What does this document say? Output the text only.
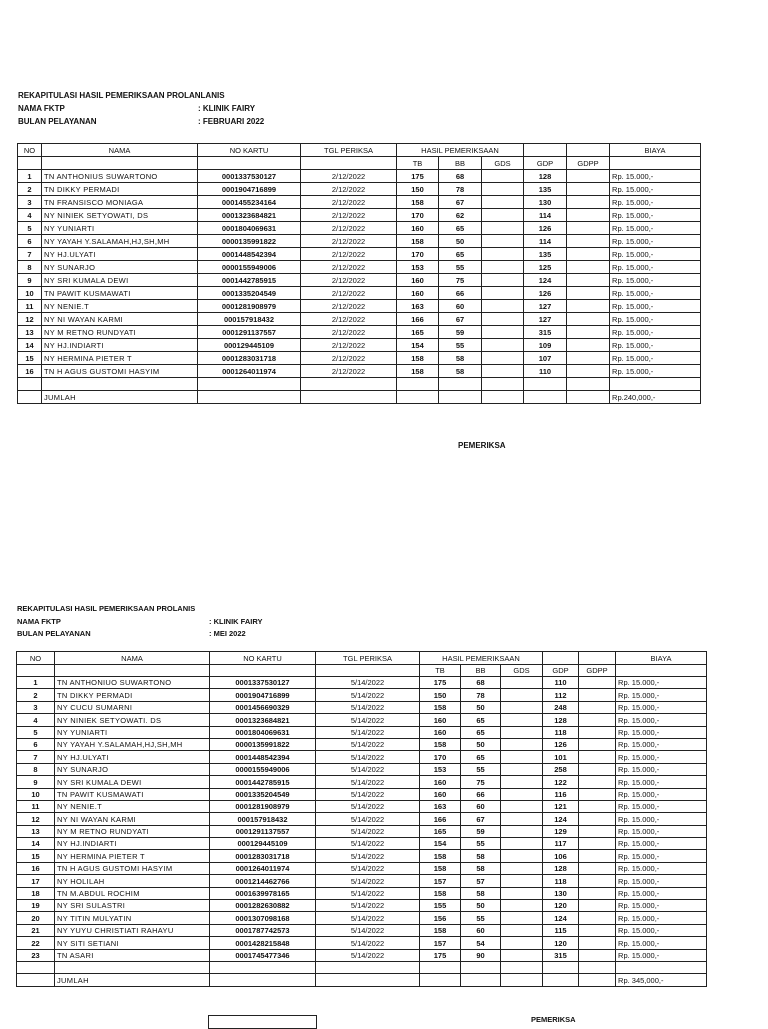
REKAPITULASI HASIL PEMERIKSAAN PROLANLANIS
NAMA FKTP	: KLINIK FAIRY
BULAN PELAYANAN	: FEBRUARI 2022
NO	NAMA	NO KARTU	TGL PERIKSA	HASIL PEMERIKSAAN					BIAYA
				TB	BB	GDS	GDP	GDPP	
1	TN ANTHONIUS SUWARTONO	0001337530127	2/12/2022	175	68		128		Rp. 15.000,-
2	TN DIKKY PERMADI	0001904716899	2/12/2022	150	78		135		Rp. 15.000,-
3	TN FRANSISCO MONIAGA	0001455234164	2/12/2022	158	67		130		Rp. 15.000,-
4	NY NINIEK SETYOWATI, DS	0001323684821	2/12/2022	170	62		114		Rp. 15.000,-
5	NY YUNIARTI	0001804069631	2/12/2022	160	65		126		Rp. 15.000,-
6	NY YAYAH Y.SALAMAH,HJ,SH,MH	0000135991822	2/12/2022	158	50		114		Rp. 15.000,-
7	NY HJ.ULYATI	0001448542394	2/12/2022	170	65		135		Rp. 15.000,-
8	NY SUNARJO	0000155949006	2/12/2022	153	55		125		Rp. 15.000,-
9	NY SRI KUMALA DEWI	0001442785915	2/12/2022	160	75		124		Rp. 15.000,-
10	TN PAWIT KUSMAWATI	0001335204549	2/12/2022	160	66		126		Rp. 15.000,-
11	NY NENIE.T	0001281908979	2/12/2022	163	60		127		Rp. 15.000,-
12	NY NI WAYAN KARMI	000157918432	2/12/2022	166	67		127		Rp. 15.000,-
13	NY M RETNO RUNDYATI	0001291137557	2/12/2022	165	59		315		Rp. 15.000,-
14	NY HJ.INDIARTI	000129445109	2/12/2022	154	55		109		Rp. 15.000,-
15	NY HERMINA PIETER T	0001283031718	2/12/2022	158	58		107		Rp. 15.000,-
16	TN H AGUS GUSTOMI HASYIM	0001264011974	2/12/2022	158	58		110		Rp. 15.000,-

	JUMLAH								Rp.240,000,-
PEMERIKSA
REKAPITULASI HASIL PEMERIKSAAN PROLANIS
NAMA FKTP	: KLINIK FAIRY
BULAN PELAYANAN	: MEI 2022
NO	NAMA	NO KARTU	TGL PERIKSA	HASIL PEMERIKSAAN					BIAYA
				TB	BB	GDS	GDP	GDPP	
1	TN ANTHONIUO SUWARTONO	0001337530127	5/14/2022	175	68		110		Rp. 15.000,-
2	TN DIKKY PERMADI	0001904716899	5/14/2022	150	78		112		Rp. 15.000,-
3	NY CUCU SUMARNI	0001456690329	5/14/2022	158	50		248		Rp. 15.000,-
4	NY NINIEK SETYOWATI. DS	0001323684821	5/14/2022	160	65		128		Rp. 15.000,-
5	NY YUNIARTI	0001804069631	5/14/2022	160	65		118		Rp. 15.000,-
6	NY YAYAH Y.SALAMAH,HJ,SH,MH	0000135991822	5/14/2022	158	50		126		Rp. 15.000,-
7	NY HJ.ULYATI	0001448542394	5/14/2022	170	65		101		Rp. 15.000,-
8	NY SUNARJO	0000155949006	5/14/2022	153	55		258		Rp. 15.000,-
9	NY SRI KUMALA DEWI	0001442785915	5/14/2022	160	75		122		Rp. 15.000,-
10	TN PAWIT KUSMAWATI	0001335204549	5/14/2022	160	66		116		Rp. 15.000,-
11	NY NENIE.T	0001281908979	5/14/2022	163	60		121		Rp. 15.000,-
12	NY NI WAYAN KARMI	000157918432	5/14/2022	166	67		124		Rp. 15.000,-
13	NY M RETNO RUNDYATI	0001291137557	5/14/2022	165	59		129		Rp. 15.000,-
14	NY HJ.INDIARTI	000129445109	5/14/2022	154	55		117		Rp. 15.000,-
15	NY HERMINA PIETER T	0001283031718	5/14/2022	158	58		106		Rp. 15.000,-
16	TN H AGUS GUSTOMI HASYIM	0001264011974	5/14/2022	158	58		128		Rp. 15.000,-
17	NY HOLILAH	0001214462766	5/14/2022	157	57		118		Rp. 15.000,-
18	TN M.ABDUL ROCHIM	0001639978165	5/14/2022	158	58		130		Rp. 15.000,-
19	NY SRI SULASTRI	0001282630882	5/14/2022	155	50		120		Rp. 15.000,-
20	NY TITIN MULYATIN	0001307098168	5/14/2022	156	55		124		Rp. 15.000,-
21	NY YUYU CHRISTIATI RAHAYU	0001787742573	5/14/2022	158	60		115		Rp. 15.000,-
22	NY SITI SETIANI	0001428215848	5/14/2022	157	54		120		Rp. 15.000,-
23	TN ASARI	0001745477346	5/14/2022	175	90		315		Rp. 15.000,-

	JUMLAH								Rp. 345,000,-
PEMERIKSA
